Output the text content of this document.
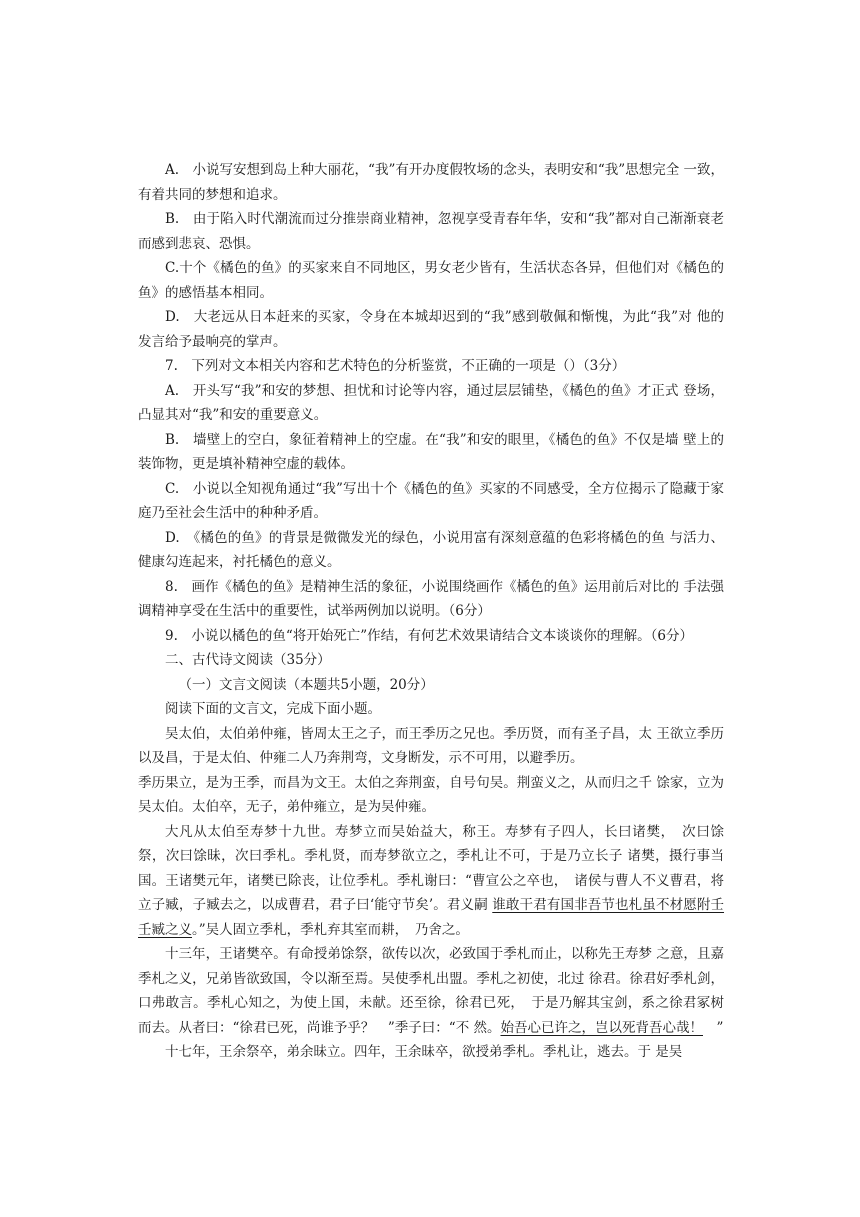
A.　小说写安想到岛上种大丽花，“我”有开办度假牧场的念头，表明安和“我”思想完全 一致，有着共同的梦想和追求。

B.　由于陷入时代潮流而过分推崇商业精神，忽视享受青春年华，安和“我”都对自己渐渐衰老而感到悲哀、恐惧。

C.十个《橘色的鱼》的买家来自不同地区，男女老少皆有，生活状态各异，但他们对《橘色的鱼》的感悟基本相同。

D.　大老远从日本赶来的买家，令身在本城却迟到的“我”感到敬佩和惭愧，为此“我”对 他的发言给予最响亮的掌声。

7.　下列对文本相关内容和艺术特色的分析鉴赏，不正确的一项是（）（3分）

A.　开头写“我”和安的梦想、担忧和讨论等内容，通过层层铺垫，《橘色的鱼》才正式 登场，凸显其对“我”和安的重要意义。

B.　墙壁上的空白，象征着精神上的空虚。在“我”和安的眼里，《橘色的鱼》不仅是墙 壁上的装饰物，更是填补精神空虚的载体。

C.　小说以全知视角通过“我”写出十个《橘色的鱼》买家的不同感受，全方位揭示了隐藏于家庭乃至社会生活中的种种矛盾。

D.　《橘色的鱼》的背景是微微发光的绿色，小说用富有深刻意蕴的色彩将橘色的鱼 与活力、健康勾连起来，衬托橘色的意义。

8.　画作《橘色的鱼》是精神生活的象征，小说围绕画作《橘色的鱼》运用前后对比的 手法强调精神享受在生活中的重要性，试举两例加以说明。（6分）

9.　小说以橘色的鱼“将开始死亡”作结，有何艺术效果请结合文本谈谈你的理解。（6分）

二、古代诗文阅读（35分）

（一）文言文阅读（本题共5小题，20分）

阅读下面的文言文，完成下面小题。

吴太伯，太伯弟仲雍，皆周太王之子，而王季历之兄也。季历贤，而有圣子昌，太 王欲立季历以及昌，于是太伯、仲雍二人乃奔荆弯，文身断发，示不可用，以避季历。

季历果立，是为王季，而昌为文王。太伯之奔荆蛮，自号句吴。荆蛮义之，从而归之千 馀家，立为吴太伯。太伯卒，无子，弟仲雍立，是为吴仲雍。

大凡从太伯至寿梦十九世。寿梦立而吴始益大，称王。寿梦有子四人，长曰诸樊，　次曰馀祭，次曰馀昧，次曰季札。季札贤，而寿梦欲立之，季札让不可，于是乃立长子 诸樊，摄行事当国。王诸樊元年，诸樊已除丧，让位季札。季札谢曰：“曹宣公之卒也，　诸侯与曹人不义曹君，将立子臧，子臧去之，以成曹君，君子曰‘能守节矣’。君义嗣 谁敢干君有国非吾节也札虽不材愿附壬壬臧之义。”吴人固立季札，季札弃其室而耕，　乃舍之。

十三年，王诸樊卒。有命授弟馀祭，欲传以次，必致国于季札而止，以称先王寿梦 之意，且嘉季札之义，兄弟皆欲致国，令以渐至焉。吴使季札出盟。季札之初使，北过 徐君。徐君好季札剑，口弗敢言。季札心知之，为使上国，未献。还至徐，徐君已死，　于是乃解其宝剑，系之徐君冢树而去。从者曰：“徐君已死，尚谁予乎？　”季子曰：“不 然。始吾心已许之，岂以死背吾心哉！　”

十七年，王余祭卒，弟余昧立。四年，王余昧卒，欲授弟季札。季札让，逃去。于 是吴
